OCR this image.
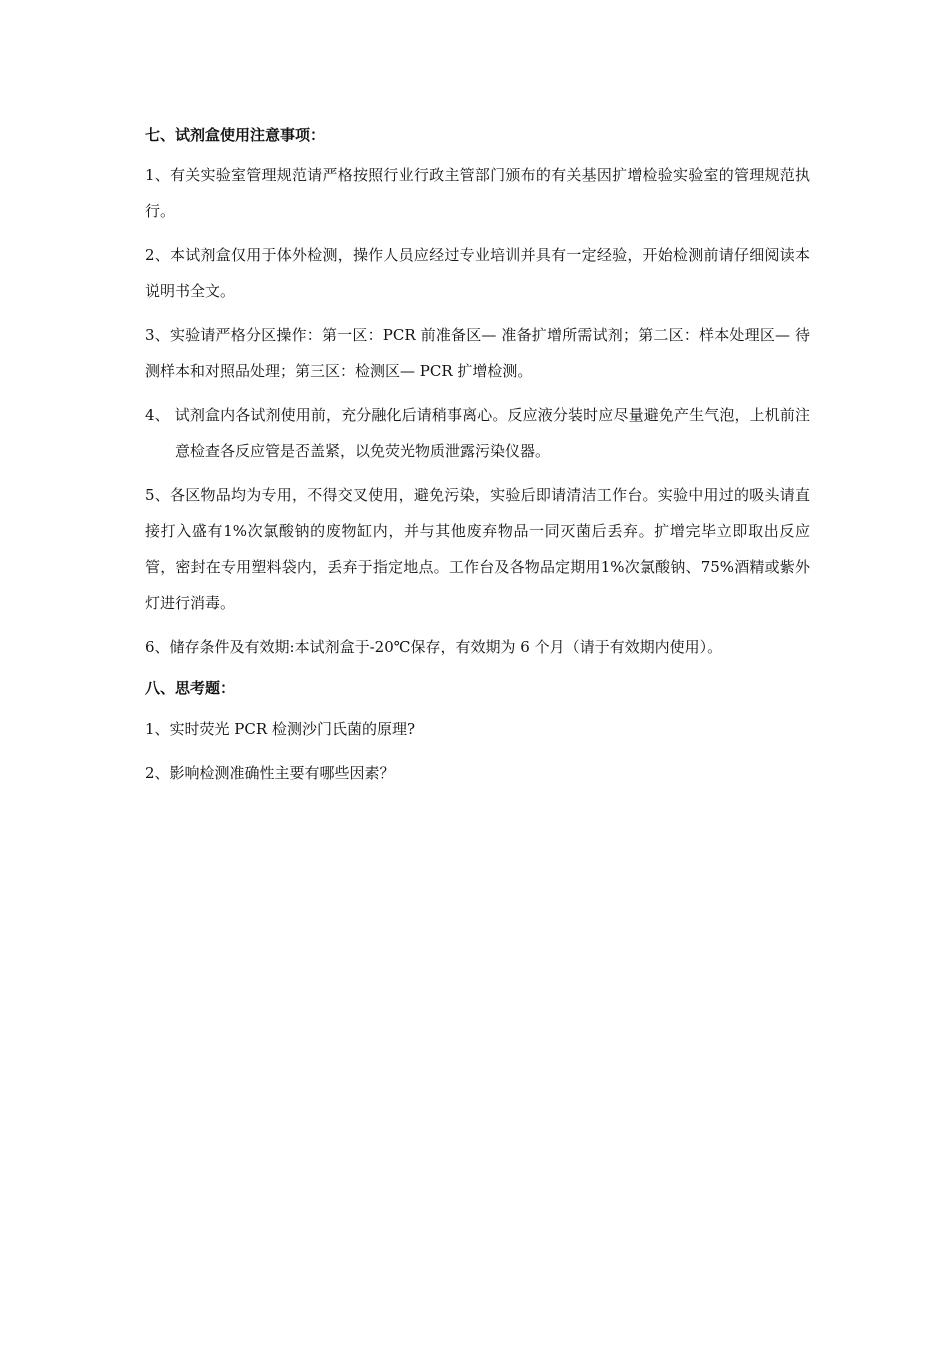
七、试剂盒使用注意事项：

1、有关实验室管理规范请严格按照行业行政主管部门颁布的有关基因扩增检验实验室的管理规范执行。

2、本试剂盒仅用于体外检测，操作人员应经过专业培训并具有一定经验，开始检测前请仔细阅读本说明书全文。

3、实验请严格分区操作：第一区：PCR 前准备区— 准备扩增所需试剂；第二区：样本处理区— 待测样本和对照品处理；第三区：检测区— PCR 扩增检测。

4、 试剂盒内各试剂使用前，充分融化后请稍事离心。反应液分装时应尽量避免产生气泡，上机前注意检查各反应管是否盖紧，以免荧光物质泄露污染仪器。

5、各区物品均为专用，不得交叉使用，避免污染，实验后即请清洁工作台。实验中用过的吸头请直接打入盛有1%次氯酸钠的废物缸内，并与其他废弃物品一同灭菌后丢弃。扩增完毕立即取出反应管，密封在专用塑料袋内，丢弃于指定地点。工作台及各物品定期用1%次氯酸钠、75%酒精或紫外灯进行消毒。

6、储存条件及有效期:本试剂盒于-20℃保存，有效期为 6 个月（请于有效期内使用）。

八、思考题：

1、实时荧光 PCR 检测沙门氏菌的原理?

2、影响检测准确性主要有哪些因素？
